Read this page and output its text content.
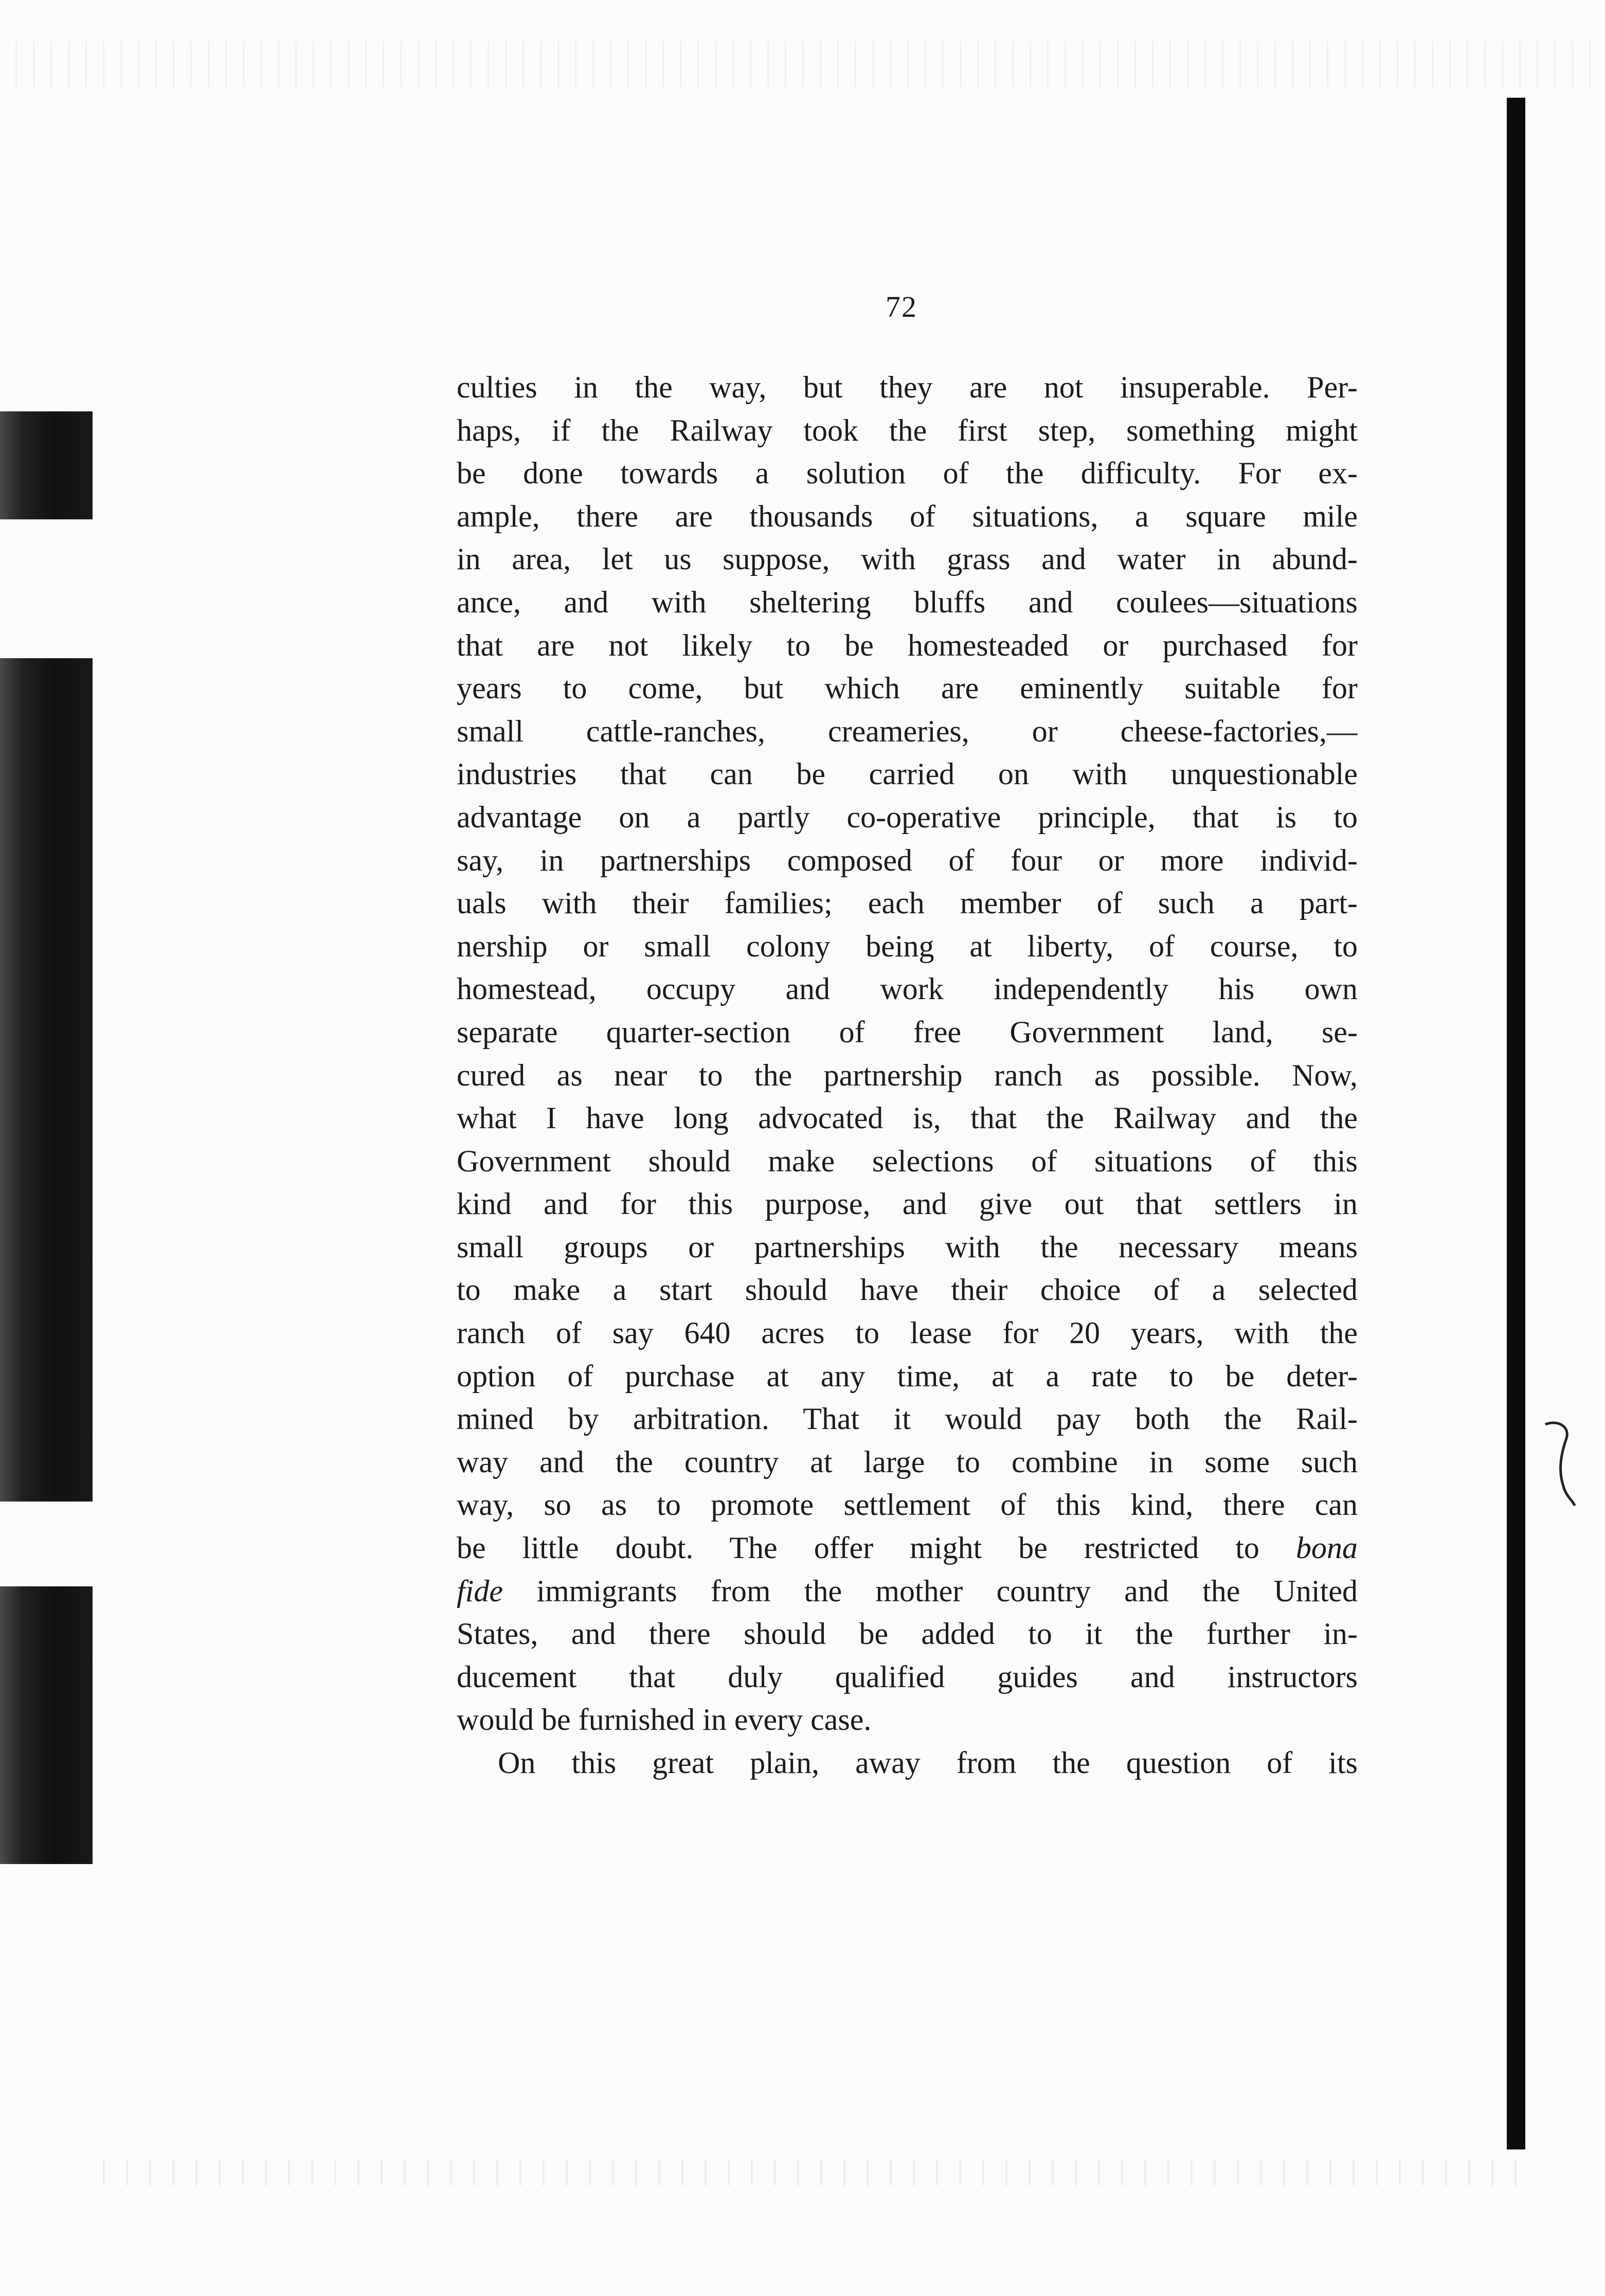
72
culties in the way, but they are not insuperable. Per-
haps, if the Railway took the first step, something might
be done towards a solution of the difficulty. For ex-
ample, there are thousands of situations, a square mile
in area, let us suppose, with grass and water in abund-
ance, and with sheltering bluffs and coulees—situations
that are not likely to be homesteaded or purchased for
years to come, but which are eminently suitable for
small cattle-ranches, creameries, or cheese-factories,—
industries that can be carried on with unquestionable
advantage on a partly co-operative principle, that is to
say, in partnerships composed of four or more individ-
uals with their families; each member of such a part-
nership or small colony being at liberty, of course, to
homestead, occupy and work independently his own
separate quarter-section of free Government land, se-
cured as near to the partnership ranch as possible. Now,
what I have long advocated is, that the Railway and the
Government should make selections of situations of this
kind and for this purpose, and give out that settlers in
small groups or partnerships with the necessary means
to make a start should have their choice of a selected
ranch of say 640 acres to lease for 20 years, with the
option of purchase at any time, at a rate to be deter-
mined by arbitration. That it would pay both the Rail-
way and the country at large to combine in some such
way, so as to promote settlement of this kind, there can
be little doubt. The offer might be restricted to bona
fide immigrants from the mother country and the United
States, and there should be added to it the further in-
ducement that duly qualified guides and instructors
would be furnished in every case.
On this great plain, away from the question of its
